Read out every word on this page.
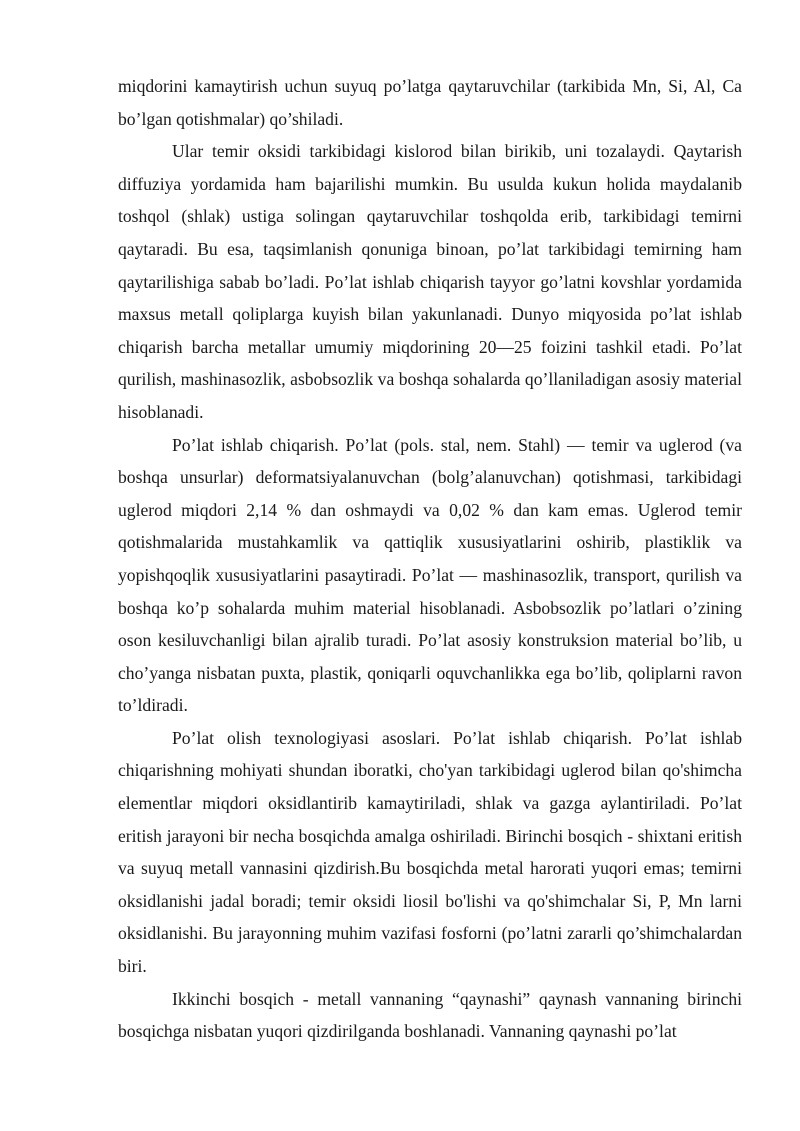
miqdorini kamaytirish uchun suyuq po’latga qaytaruvchilar (tarkibida Mn, Si, Al, Ca bo’lgan qotishmalar) qo’shiladi.

Ular temir oksidi tarkibidagi kislorod bilan birikib, uni tozalaydi. Qaytarish diffuziya yordamida ham bajarilishi mumkin. Bu usulda kukun holida maydalanib toshqol (shlak) ustiga solingan qaytaruvchilar toshqolda erib, tarkibidagi temirni qaytaradi. Bu esa, taqsimlanish qonuniga binoan, po’lat tarkibidagi temirning ham qaytarilishiga sabab bo’ladi. Po’lat ishlab chiqarish tayyor go’latni kovshlar yordamida maxsus metall qoliplarga kuyish bilan yakunlanadi. Dunyo miqyosida po’lat ishlab chiqarish barcha metallar umumiy miqdorining 20—25 foizini tashkil etadi. Po’lat qurilish, mashinasozlik, asbobsozlik va boshqa sohalarda qo’llaniladigan asosiy material hisoblanadi.

Po’lat ishlab chiqarish. Po’lat (pols. stal, nem. Stahl) — temir va uglerod (va boshqa unsurlar) deformatsiyalanuvchan (bolg’alanuvchan) qotishmasi, tarkibidagi uglerod miqdori 2,14 % dan oshmaydi va 0,02 % dan kam emas. Uglerod temir qotishmalarida mustahkamlik va qattiqlik xususiyatlarini oshirib, plastiklik va yopishqoqlik xususiyatlarini pasaytiradi. Po’lat — mashinasozlik, transport, qurilish va boshqa ko’p sohalarda muhim material hisoblanadi. Asbobsozlik po’latlari o’zining oson kesiluvchanligi bilan ajralib turadi. Po’lat asosiy konstruksion material bo’lib, u cho’yanga nisbatan puxta, plastik, qoniqarli oquvchanlikka ega bo’lib, qoliplarni ravon to’ldiradi.

Po’lat olish texnologiyasi asoslari. Po’lat ishlab chiqarish. Po’lat ishlab chiqarishning mohiyati shundan iboratki, cho'yan tarkibidagi uglerod bilan qo'shimcha elementlar miqdori oksidlantirib kamaytiriladi, shlak va gazga aylantiriladi. Po’lat eritish jarayoni bir necha bosqichda amalga oshiriladi. Birinchi bosqich - shixtani eritish va suyuq metall vannasini qizdirish.Bu bosqichda metal harorati yuqori emas; temirni oksidlanishi jadal boradi; temir oksidi liosil bo'lishi va qo'shimchalar Si, P, Mn larni oksidlanishi. Bu jarayonning muhim vazifasi fosforni (po’latni zararli qo’shimchalardan biri.

Ikkinchi bosqich - metall vannaning “qaynashi” qaynash vannaning birinchi bosqichga nisbatan yuqori qizdirilganda boshlanadi. Vannaning qaynashi po’lat
